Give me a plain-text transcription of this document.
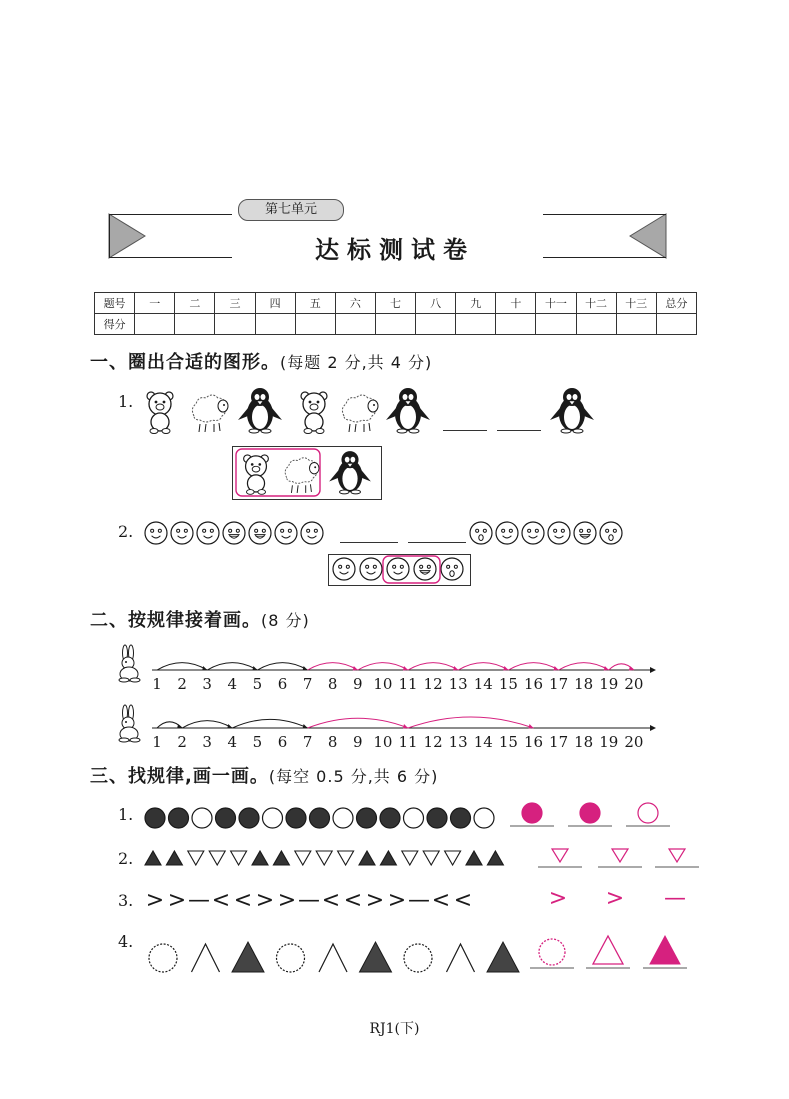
第七单元
达标测试卷
题号	一	二	三	四	五	六	七	八	九	十	十一	十二	十三	总分
得分														
一、圈出合适的图形。(每题 2 分,共 4 分)
1.
2.
二、按规律接着画。(8 分)
1 2 3 4 5 6 7 8 9 10 11 12 13 14 15 16 17 18 19 20
1 2 3 4 5 6 7 8 9 10 11 12 13 14 15 16 17 18 19 20
三、找规律,画一画。(每空 0.5 分,共 6 分)
1.
2.
3. > > — < < > > — < < > > — < <	> > —
4.
RJ1(下)
